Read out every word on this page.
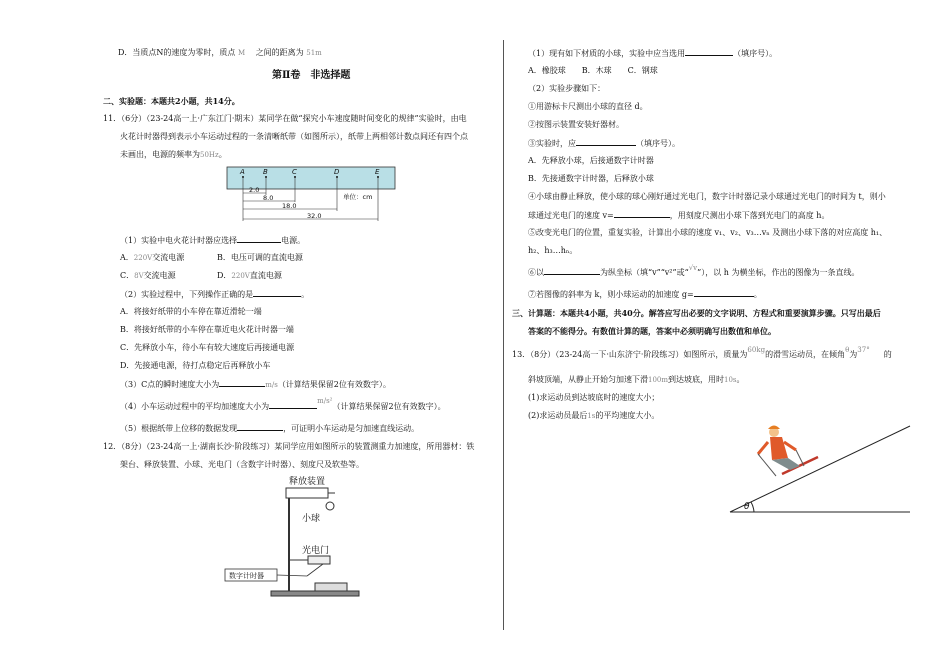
D．当质点N的速度为零时，质点 M 之间的距离为 51m
第Ⅱ卷　非选择题
二、实验题：本题共2小题，共14分。
11．（6分）（23-24高一上·广东江门·期末）某同学在做“探究小车速度随时间变化的规律”实验时，由电
火花计时器得到表示小车运动过程的一条清晰纸带（如图所示），纸带上两相邻计数点间还有四个点
未画出，电源的频率为50Hz。
A	B	C	D	E
2.0
8.0
18.0
32.0
单位：cm
（1）实验中电火花计时器应选择	电源。
A．220V交流电源	B．电压可调的直流电源
C．8V交流电源	D．220V直流电源
（2）实验过程中，下列操作正确的是	。
A．将接好纸带的小车停在靠近滑轮一端
B．将接好纸带的小车停在靠近电火花计时器一端
C．先释放小车，待小车有较大速度后再接通电源
D．先接通电源，待打点稳定后再释放小车
（3）C点的瞬时速度大小为	m/s（计算结果保留2位有效数字）。
（4）小车运动过程中的平均加速度大小为m/s²（计算结果保留2位有效数字）。
（5）根据纸带上位移的数据发现	，可证明小车运动是匀加速直线运动。
12．（8分）（23-24高一上·湖南长沙·阶段练习）某同学应用如图所示的装置测重力加速度，所用器材：铁
架台、释放装置、小球、光电门（含数字计时器）、刻度尺及软垫等。
释放装置
小球
光电门
数字计时器
（1）现有如下材质的小球，实验中应当选用	（填序号）。
A．橡胶球　　B．木球　　C．钢球
（2）实验步骤如下：
①用游标卡尺测出小球的直径 d。
②按图示装置安装好器材。
③实验时，应	（填序号）。
A．先释放小球，后接通数字计时器
B．先接通数字计时器，后释放小球
④小球由静止释放，使小球的球心刚好通过光电门，数字计时器记录小球通过光电门的时间为 t，则小
球通过光电门的速度 v=	，用刻度尺测出小球下落到光电门的高度 h。
⑤改变光电门的位置，重复实验，计算出小球的速度 v₁、v₂、v₃…vₙ 及测出小球下落的对应高度 h₁、
h₂、h₃…hₙ。
⑥以	为纵坐标（填“v”“v²”或“√v”），以 h 为横坐标，作出的图像为一条直线。
⑦若图像的斜率为 k，则小球运动的加速度 g=	。
三、计算题：本题共4小题，共40分。解答应写出必要的文字说明、方程式和重要演算步骤。只写出最后
答案的不能得分。有数值计算的题，答案中必须明确写出数值和单位。
13．（8分）（23-24高一下·山东济宁·阶段练习）如图所示，质量为60kg的滑雪运动员，在倾角θ为37° 的
斜坡顶端，从静止开始匀加速下滑100m到达坡底，用时10s。
(1)求运动员到达坡底时的速度大小；
(2)求运动员最后1s的平均速度大小。
θ
